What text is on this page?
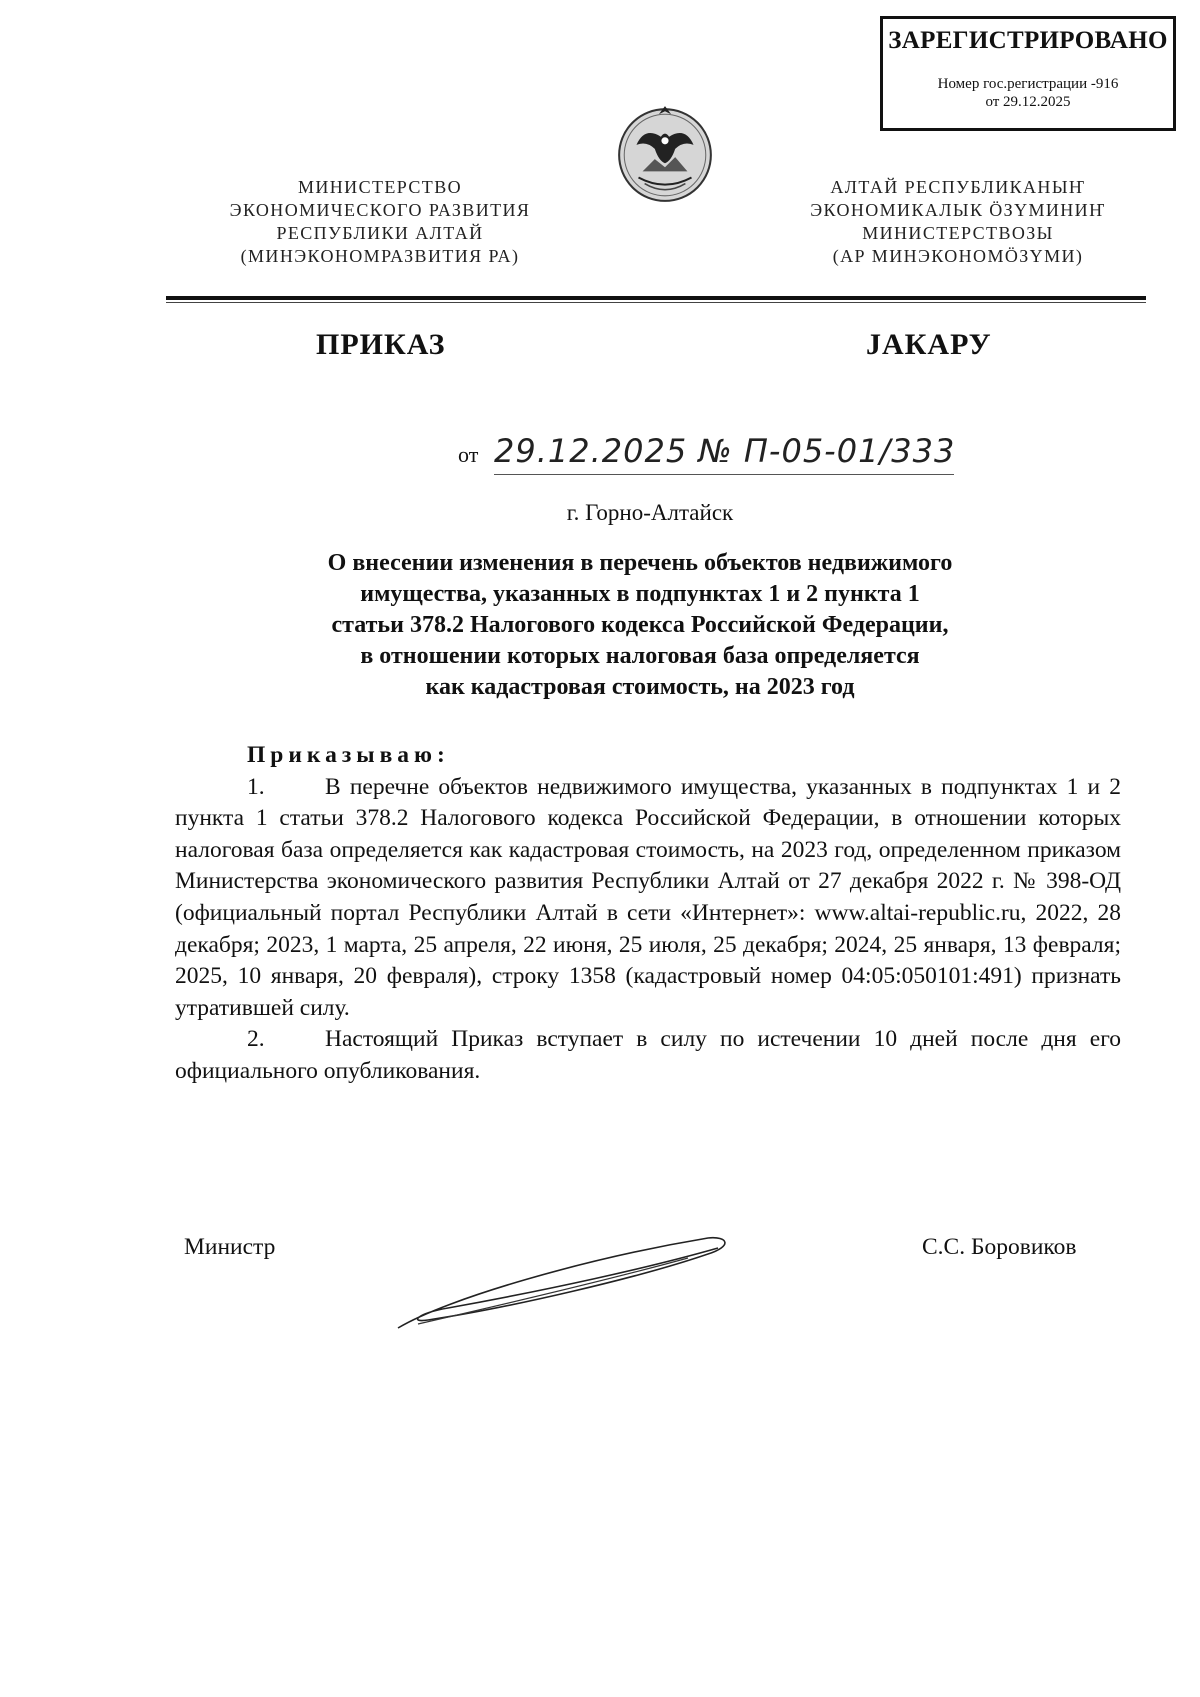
ЗАРЕГИСТРИРОВАНО
Номер гос.регистрации -916
от 29.12.2025
МИНИСТЕРСТВО
ЭКОНОМИЧЕСКОГО РАЗВИТИЯ
РЕСПУБЛИКИ АЛТАЙ
(МИНЭКОНОМРАЗВИТИЯ РА)
АЛТАЙ РЕСПУБЛИКАНЫҤ
ЭКОНОМИКАЛЫК ӦЗҮМИНИҤ
МИНИСТЕРСТВОЗЫ
(АР МИНЭКОНОМӦЗҮМИ)
ПРИКАЗ	ЈАКАРУ
от 29.12.2025 № П-05-01/333
г. Горно-Алтайск
О внесении изменения в перечень объектов недвижимого
имущества, указанных в подпунктах 1 и 2 пункта 1
статьи 378.2 Налогового кодекса Российской Федерации,
в отношении которых налоговая база определяется
как кадастровая стоимость, на 2023 год
Приказываю:

1.	В перечне объектов недвижимого имущества, указанных в подпунктах 1 и 2 пункта 1 статьи 378.2 Налогового кодекса Российской Федерации, в отношении которых налоговая база определяется как кадастровая стоимость, на 2023 год, определенном приказом Министерства экономического развития Республики Алтай от 27 декабря 2022 г. № 398-ОД (официальный портал Республики Алтай в сети «Интернет»: www.altai-republic.ru, 2022, 28 декабря; 2023, 1 марта, 25 апреля, 22 июня, 25 июля, 25 декабря; 2024, 25 января, 13 февраля; 2025, 10 января, 20 февраля), строку 1358 (кадастровый номер 04:05:050101:491) признать утратившей силу.

2.	Настоящий Приказ вступает в силу по истечении 10 дней после дня его официального опубликования.

Министр	С.С. Боровиков
